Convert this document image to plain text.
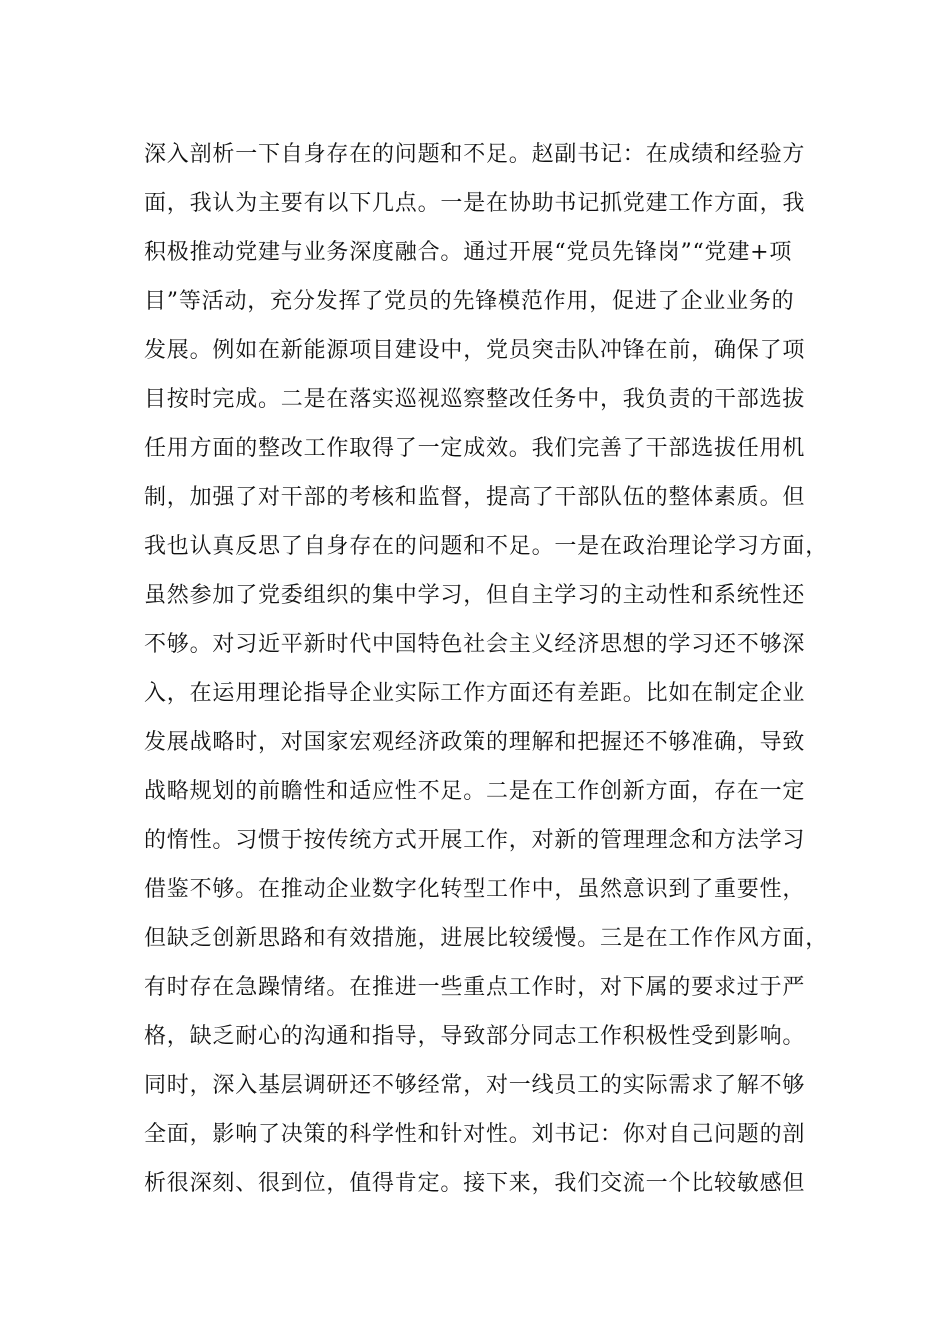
深入剖析一下自身存在的问题和不足。赵副书记：在成绩和经验方
面，我认为主要有以下几点。一是在协助书记抓党建工作方面，我
积极推动党建与业务深度融合。通过开展“党员先锋岗”“党建+项
目”等活动，充分发挥了党员的先锋模范作用，促进了企业业务的
发展。例如在新能源项目建设中，党员突击队冲锋在前，确保了项
目按时完成。二是在落实巡视巡察整改任务中，我负责的干部选拔
任用方面的整改工作取得了一定成效。我们完善了干部选拔任用机
制，加强了对干部的考核和监督，提高了干部队伍的整体素质。但
我也认真反思了自身存在的问题和不足。一是在政治理论学习方面，
虽然参加了党委组织的集中学习，但自主学习的主动性和系统性还
不够。对习近平新时代中国特色社会主义经济思想的学习还不够深
入，在运用理论指导企业实际工作方面还有差距。比如在制定企业
发展战略时，对国家宏观经济政策的理解和把握还不够准确，导致
战略规划的前瞻性和适应性不足。二是在工作创新方面，存在一定
的惰性。习惯于按传统方式开展工作，对新的管理理念和方法学习
借鉴不够。在推动企业数字化转型工作中，虽然意识到了重要性，
但缺乏创新思路和有效措施，进展比较缓慢。三是在工作作风方面，
有时存在急躁情绪。在推进一些重点工作时，对下属的要求过于严
格，缺乏耐心的沟通和指导，导致部分同志工作积极性受到影响。
同时，深入基层调研还不够经常，对一线员工的实际需求了解不够
全面，影响了决策的科学性和针对性。刘书记：你对自己问题的剖
析很深刻、很到位，值得肯定。接下来，我们交流一个比较敏感但
